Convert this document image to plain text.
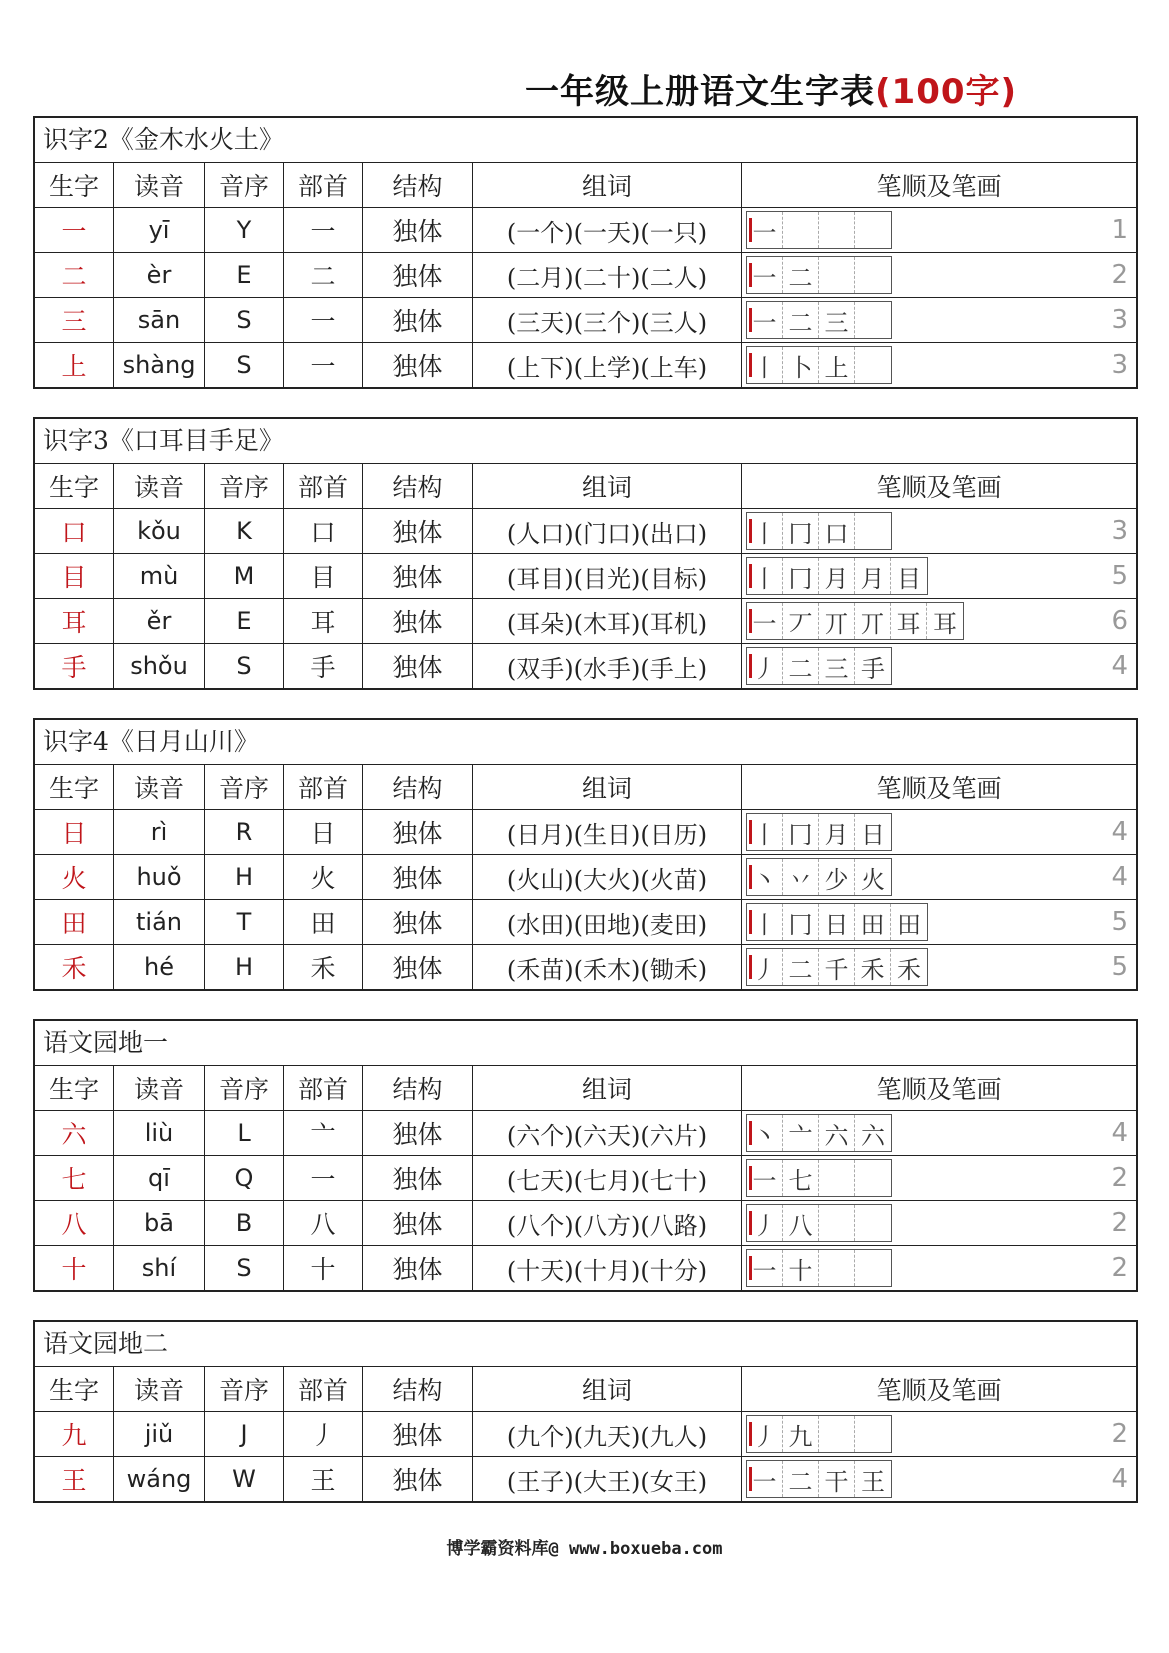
一年级上册语文生字表(100字)
识字2《金木水火土》
生字	读音	音序	部首	结构	组词	笔顺及笔画
一	yī	Y	一	独体	(一个)(一天)(一只)	一	1
二	èr	E	二	独体	(二月)(二十)(二人)	一 二	2
三	sān	S	一	独体	(三天)(三个)(三人)	一 二 三	3
上	shàng	S	一	独体	(上下)(上学)(上车)	丨 卜 上	3
识字3《口耳目手足》
生字	读音	音序	部首	结构	组词	笔顺及笔画
口	kǒu	K	口	独体	(人口)(门口)(出口)	丨 冂 口	3
目	mù	M	目	独体	(耳目)(目光)(目标)	丨 冂 月 月 目	5
耳	ěr	E	耳	独体	(耳朵)(木耳)(耳机)	一 丆 丌 丌 耳 耳	6
手	shǒu	S	手	独体	(双手)(水手)(手上)	丿 二 三 手	4
识字4《日月山川》
生字	读音	音序	部首	结构	组词	笔顺及笔画
日	rì	R	日	独体	(日月)(生日)(日历)	丨 冂 月 日	4
火	huǒ	H	火	独体	(火山)(大火)(火苗)	丶 丷 少 火	4
田	tián	T	田	独体	(水田)(田地)(麦田)	丨 冂 日 田 田	5
禾	hé	H	禾	独体	(禾苗)(禾木)(锄禾)	丿 二 千 禾 禾	5
语文园地一
生字	读音	音序	部首	结构	组词	笔顺及笔画
六	liù	L	亠	独体	(六个)(六天)(六片)	丶 亠 六 六	4
七	qī	Q	一	独体	(七天)(七月)(七十)	一 七	2
八	bā	B	八	独体	(八个)(八方)(八路)	丿 八	2
十	shí	S	十	独体	(十天)(十月)(十分)	一 十	2
语文园地二
生字	读音	音序	部首	结构	组词	笔顺及笔画
九	jiǔ	J	丿	独体	(九个)(九天)(九人)	丿 九	2
王	wáng	W	王	独体	(王子)(大王)(女王)	一 二 干 王	4
博学霸资料库@ www.boxueba.com
